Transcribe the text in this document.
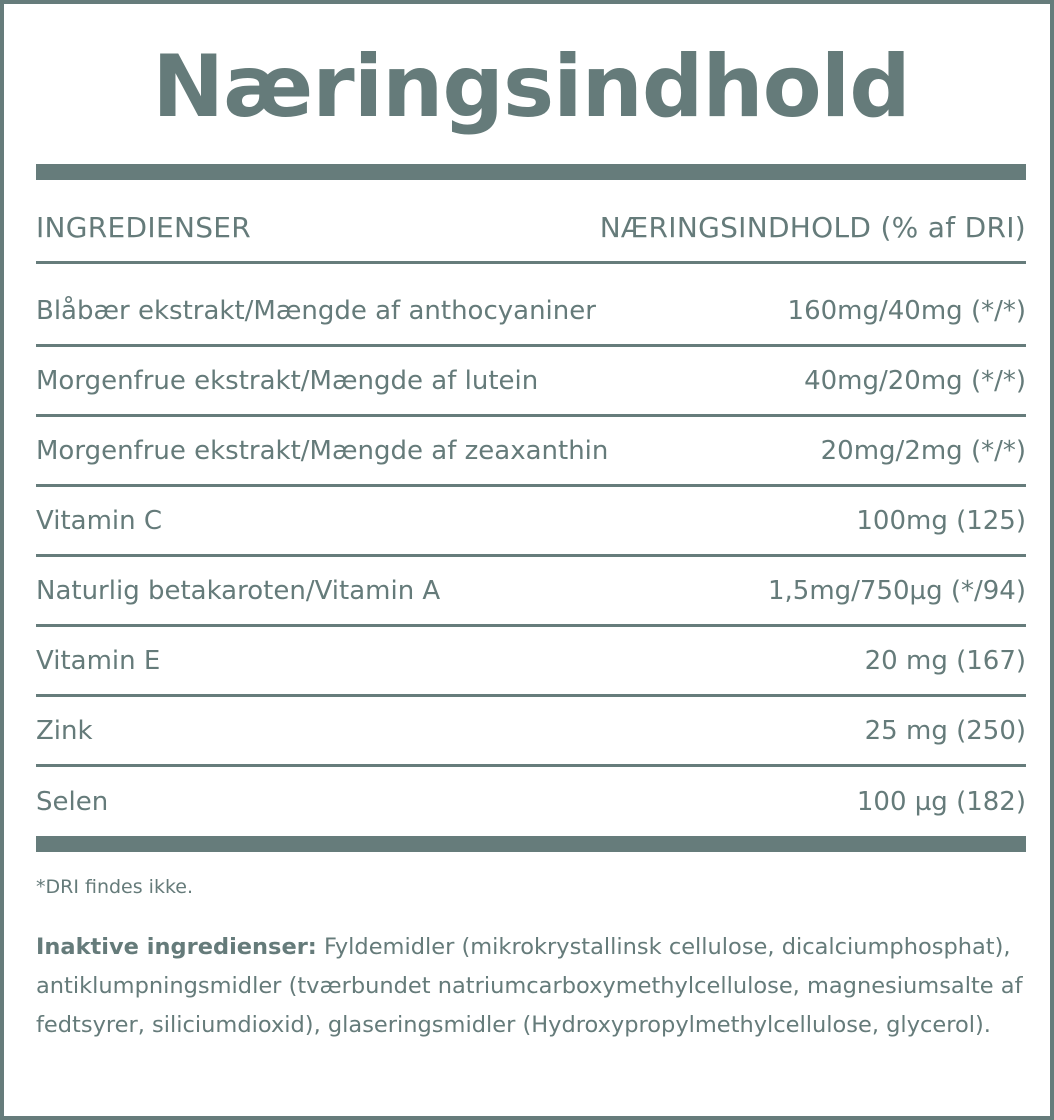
Næringsindhold
INGREDIENSER	NÆRINGSINDHOLD (% af DRI)
Blåbær ekstrakt/Mængde af anthocyaniner	160mg/40mg (*/*)
Morgenfrue ekstrakt/Mængde af lutein	40mg/20mg (*/*)
Morgenfrue ekstrakt/Mængde af zeaxanthin	20mg/2mg (*/*)
Vitamin C	100mg (125)
Naturlig betakaroten/Vitamin A	1,5mg/750µg (*/94)
Vitamin E	20 mg (167)
Zink	25 mg (250)
Selen	100 µg (182)
*DRI findes ikke.
Inaktive ingredienser: Fyldemidler (mikrokrystallinsk cellulose, dicalciumphosphat), antiklumpningsmidler (tværbundet natriumcarboxymethylcellulose, magnesiumsalte af fedtsyrer, siliciumdioxid), glaseringsmidler (Hydroxypropylmethylcellulose, glycerol).
